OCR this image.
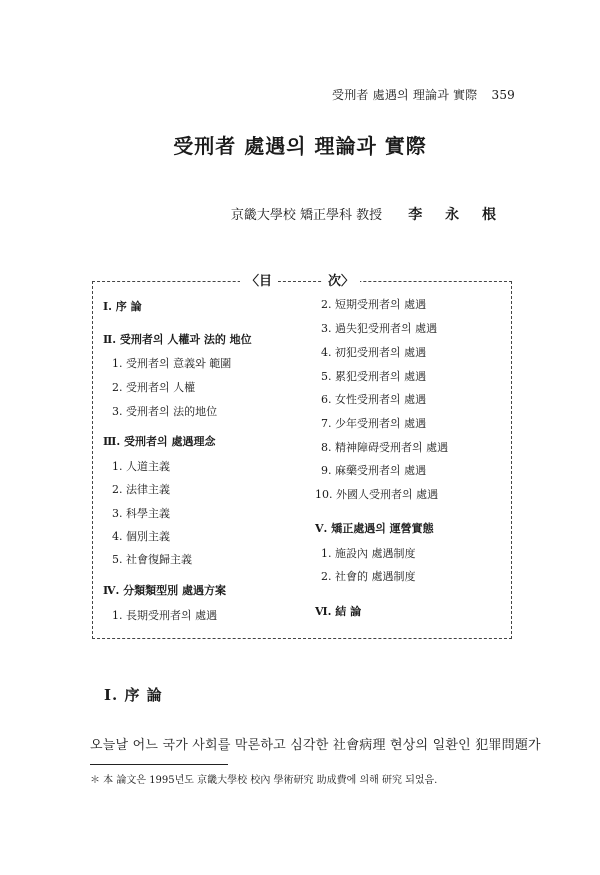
受刑者 處遇의 理論과 實際 359
受刑者 處遇의 理論과 實際
京畿大學校 矯正學科 教授 李 永 根
〈目	次〉
Ⅰ. 序 論
Ⅱ. 受刑者의 人權과 法的 地位
1. 受刑者의 意義와 範圍
2. 受刑者의 人權
3. 受刑者의 法的地位
Ⅲ. 受刑者의 處遇理念
1. 人道主義
2. 法律主義
3. 科學主義
4. 個別主義
5. 社會復歸主義
Ⅳ. 分類類型別 處遇方案
1. 長期受刑者의 處遇
2. 短期受刑者의 處遇
3. 過失犯受刑者의 處遇
4. 初犯受刑者의 處遇
5. 累犯受刑者의 處遇
6. 女性受刑者의 處遇
7. 少年受刑者의 處遇
8. 精神障碍受刑者의 處遇
9. 麻藥受刑者의 處遇
10. 外國人受刑者의 處遇
Ⅴ. 矯正處遇의 運營實態
1. 施設內 處遇制度
2. 社會的 處遇制度
Ⅵ. 結 論
Ⅰ. 序 論
오늘날 어느 국가 사회를 막론하고 심각한 社會病理 현상의 일환인 犯罪問題가
＊ 本 論文은 1995년도 京畿大學校 校內 學術研究 助成費에 의해 研究 되었음.
